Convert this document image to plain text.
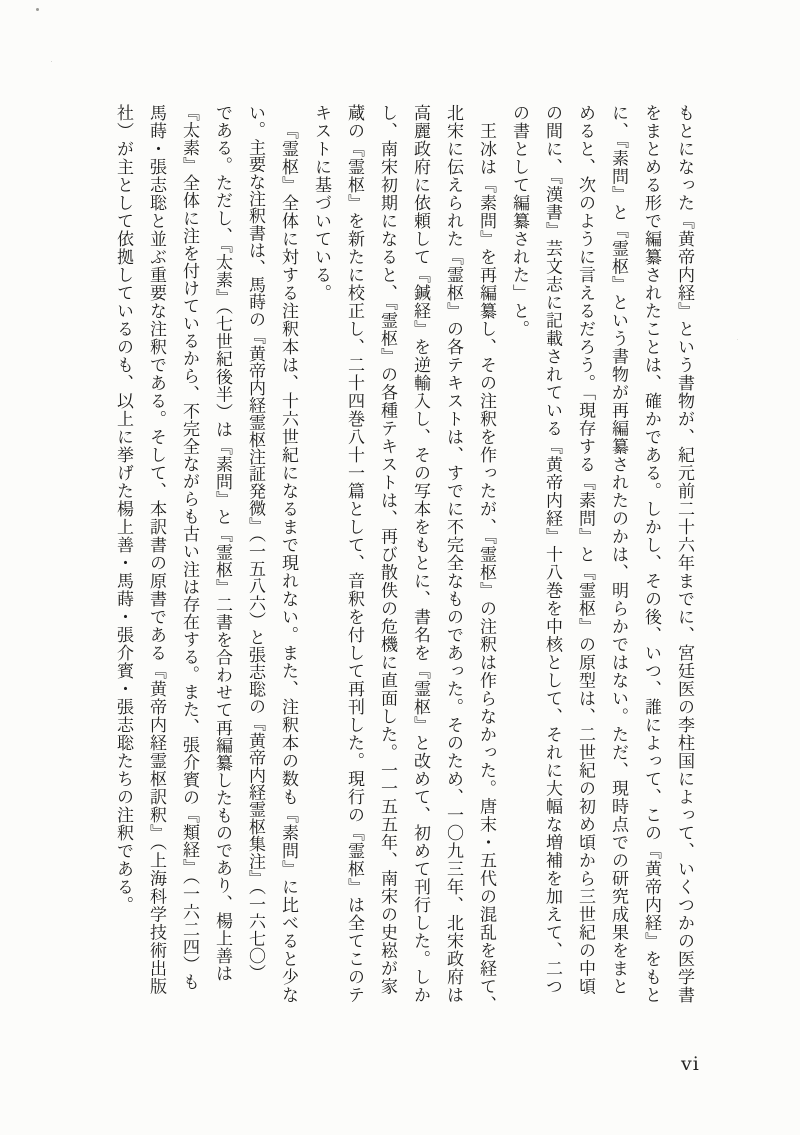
もとになった『黄帝内経』という書物が、紀元前二十六年までに、宮廷医の李柱国によって、いくつかの医学書
をまとめる形で編纂されたことは、確かである。しかし、その後、いつ、誰によって、この『黄帝内経』をもと
に、『素問』と『霊枢』という書物が再編纂されたのかは、明らかではない。ただ、現時点での研究成果をまと
めると、次のように言えるだろう。「現存する『素問』と『霊枢』の原型は、二世紀の初め頃から三世紀の中頃
の間に、『漢書』芸文志に記載されている『黄帝内経』十八巻を中核として、それに大幅な増補を加えて、二つ
の書として編纂された」と。
王冰は『素問』を再編纂し、その注釈を作ったが、『霊枢』の注釈は作らなかった。唐末・五代の混乱を経て、
北宋に伝えられた『霊枢』の各テキストは、すでに不完全なものであった。そのため、一〇九三年、北宋政府は
高麗政府に依頼して『鍼経』を逆輸入し、その写本をもとに、書名を『霊枢』と改めて、初めて刊行した。しか
し、南宋初期になると、『霊枢』の各種テキストは、再び散佚の危機に直面した。一一五五年、南宋の史崧が家
蔵の『霊枢』を新たに校正し、二十四巻八十一篇として、音釈を付して再刊した。現行の『霊枢』は全てこのテ
キストに基づいている。
『霊枢』全体に対する注釈本は、十六世紀になるまで現れない。また、注釈本の数も『素問』に比べると少な
い。主要な注釈書は、馬蒔の『黄帝内経霊枢注証発微』（一五八六）と張志聡の『黄帝内経霊枢集注』（一六七〇）
である。ただし、『太素』（七世紀後半）は『素問』と『霊枢』二書を合わせて再編纂したものであり、楊上善は
『太素』全体に注を付けているから、不完全ながらも古い注は存在する。また、張介賓の『類経』（一六二四）も
馬蒔・張志聡と並ぶ重要な注釈である。そして、本訳書の原書である『黄帝内経霊枢訳釈』（上海科学技術出版
社）が主として依拠しているのも、以上に挙げた楊上善・馬蒔・張介賓・張志聡たちの注釈である。
vi
